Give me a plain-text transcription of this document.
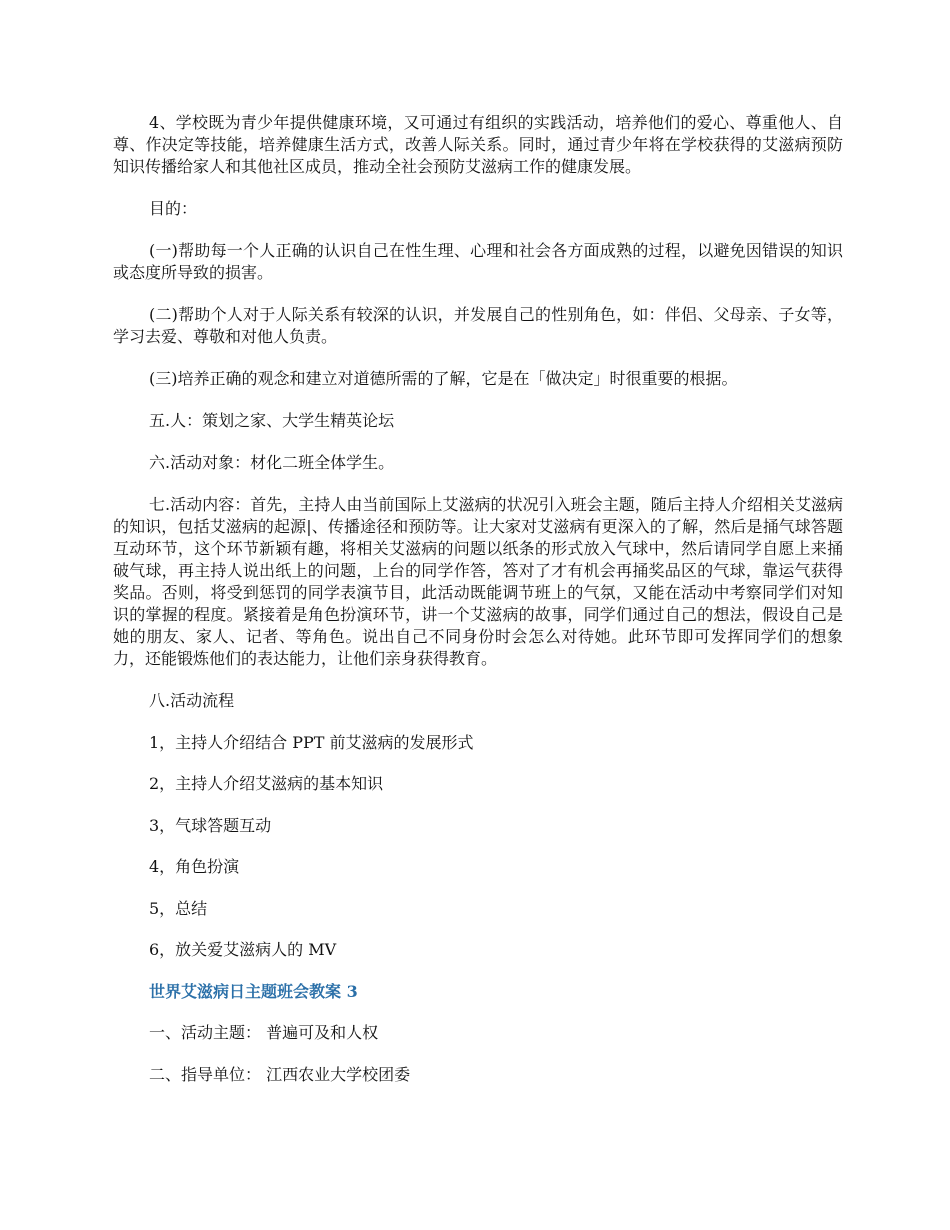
4、学校既为青少年提供健康环境，又可通过有组织的实践活动，培养他们的爱心、尊重他人、自尊、作决定等技能，培养健康生活方式，改善人际关系。同时，通过青少年将在学校获得的艾滋病预防知识传播给家人和其他社区成员，推动全社会预防艾滋病工作的健康发展。

目的：

(一)帮助每一个人正确的认识自己在性生理、心理和社会各方面成熟的过程，以避免因错误的知识或态度所导致的损害。

(二)帮助个人对于人际关系有较深的认识，并发展自己的性别角色，如：伴侣、父母亲、子女等，学习去爱、尊敬和对他人负责。

(三)培养正确的观念和建立对道德所需的了解，它是在「做决定」时很重要的根据。

五.人：策划之家、大学生精英论坛

六.活动对象：材化二班全体学生。

七.活动内容：首先，主持人由当前国际上艾滋病的状况引入班会主题，随后主持人介绍相关艾滋病的知识，包括艾滋病的起源|、传播途径和预防等。让大家对艾滋病有更深入的了解，然后是捅气球答题互动环节，这个环节新颖有趣，将相关艾滋病的问题以纸条的形式放入气球中，然后请同学自愿上来捅破气球，再主持人说出纸上的问题，上台的同学作答，答对了才有机会再捅奖品区的气球，靠运气获得奖品。否则，将受到惩罚的同学表演节目，此活动既能调节班上的气氛，又能在活动中考察同学们对知识的掌握的程度。紧接着是角色扮演环节，讲一个艾滋病的故事，同学们通过自己的想法，假设自己是她的朋友、家人、记者、等角色。说出自己不同身份时会怎么对待她。此环节即可发挥同学们的想象力，还能锻炼他们的表达能力，让他们亲身获得教育。

八.活动流程

1，主持人介绍结合 PPT 前艾滋病的发展形式

2，主持人介绍艾滋病的基本知识

3，气球答题互动

4，角色扮演

5，总结

6，放关爱艾滋病人的 MV

世界艾滋病日主题班会教案 3

一、活动主题： 普遍可及和人权

二、指导单位： 江西农业大学校团委
